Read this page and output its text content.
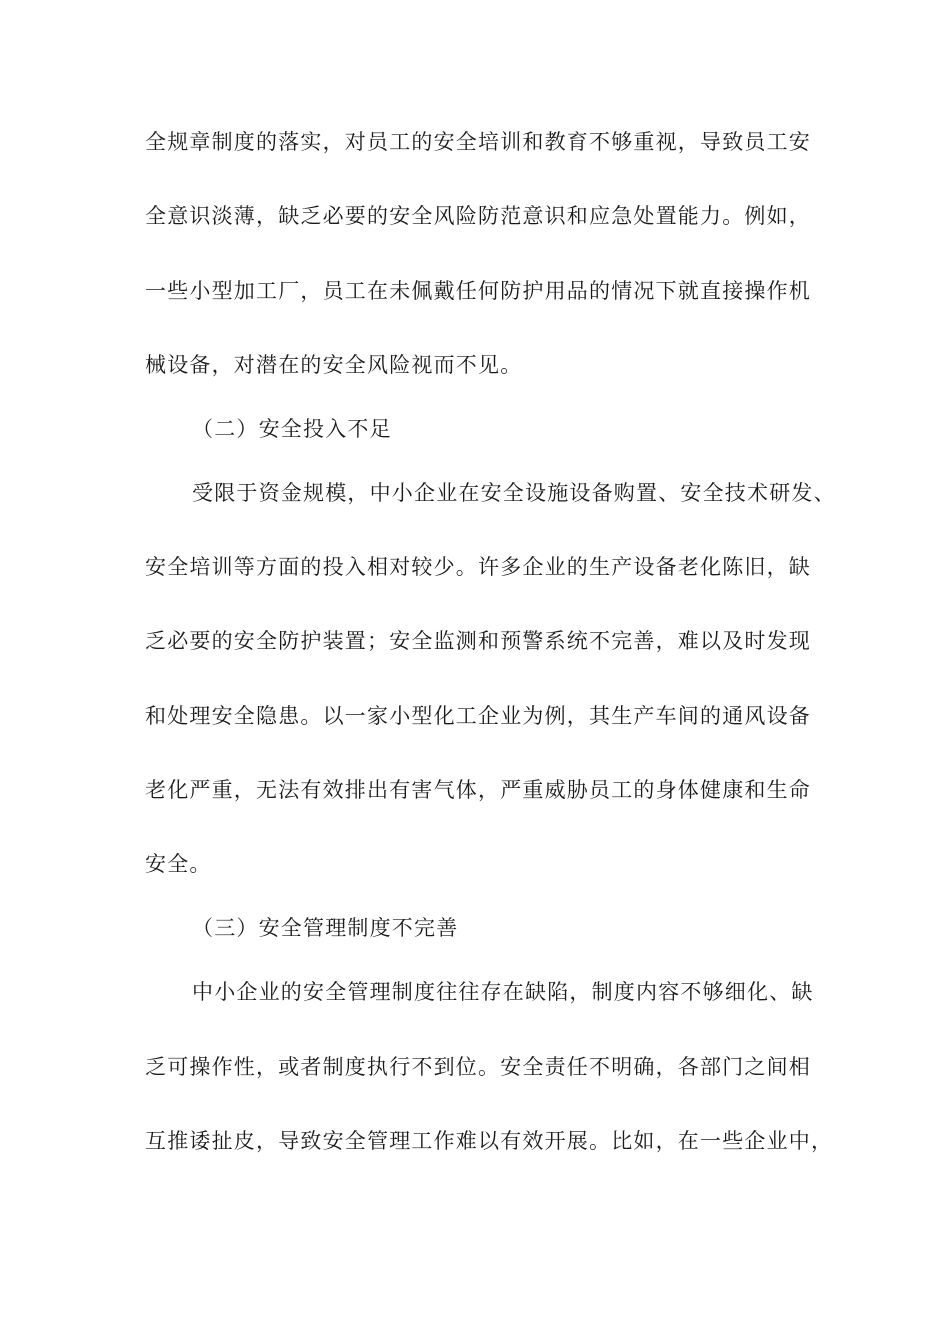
全规章制度的落实，对员工的安全培训和教育不够重视，导致员工安
全意识淡薄，缺乏必要的安全风险防范意识和应急处置能力。例如，
一些小型加工厂，员工在未佩戴任何防护用品的情况下就直接操作机
械设备，对潜在的安全风险视而不见。
（二）安全投入不足
受限于资金规模，中小企业在安全设施设备购置、安全技术研发、
安全培训等方面的投入相对较少。许多企业的生产设备老化陈旧，缺
乏必要的安全防护装置；安全监测和预警系统不完善，难以及时发现
和处理安全隐患。以一家小型化工企业为例，其生产车间的通风设备
老化严重，无法有效排出有害气体，严重威胁员工的身体健康和生命
安全。
（三）安全管理制度不完善
中小企业的安全管理制度往往存在缺陷，制度内容不够细化、缺
乏可操作性，或者制度执行不到位。安全责任不明确，各部门之间相
互推诿扯皮，导致安全管理工作难以有效开展。比如，在一些企业中，
